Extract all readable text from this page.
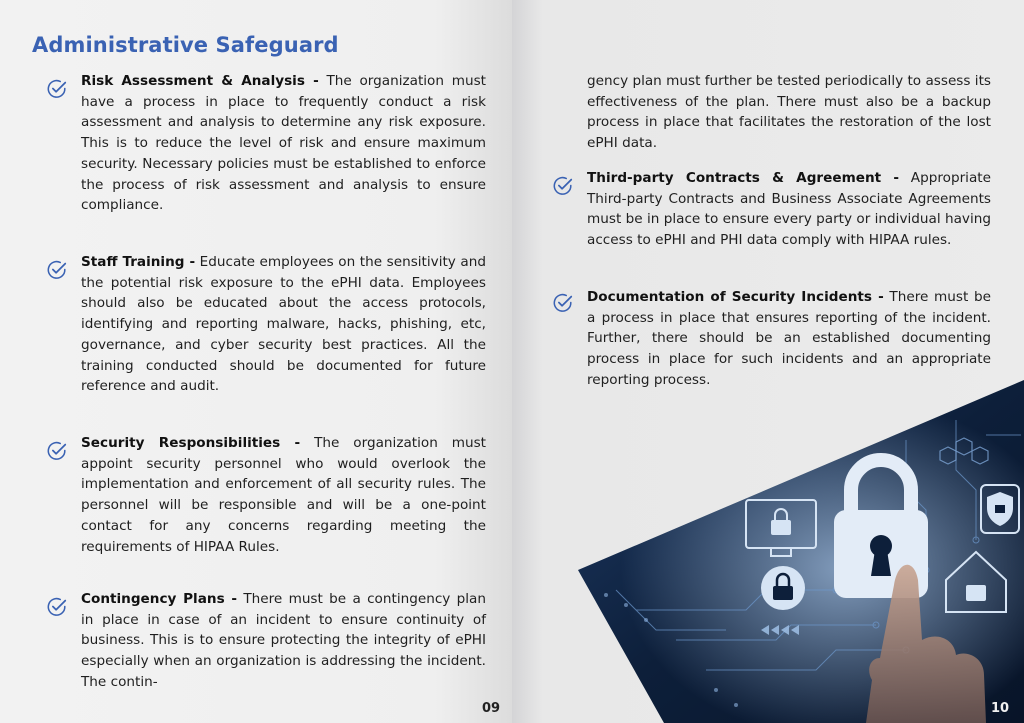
Administrative Safeguard

Risk Assessment & Analysis - The organization must have a process in place to frequently conduct a risk assessment and analysis to determine any risk exposure. This is to reduce the level of risk and ensure maximum security. Necessary policies must be established to enforce the process of risk assessment and analysis to ensure compliance.

Staff Training - Educate employees on the sensitivity and the potential risk exposure to the ePHI data. Employees should also be educated about the access protocols, identifying and reporting malware, hacks, phishing, etc, governance, and cyber security best practices. All the training conducted should be documented for future reference and audit.

Security Responsibilities - The organization must appoint security personnel who would overlook the implementation and enforcement of all security rules. The personnel will be responsible and will be a one-point contact for any concerns regarding meeting the requirements of HIPAA Rules.

Contingency Plans - There must be a contingency plan in place in case of an incident to ensure continuity of business. This is to ensure protecting the integrity of ePHI especially when an organization is addressing the incident. The contin-

09

gency plan must further be tested periodically to assess its effectiveness of the plan. There must also be a backup process in place that facilitates the restoration of the lost ePHI data.

Third-party Contracts & Agreement - Appropriate Third-party Contracts and Business Associate Agreements must be in place to ensure every party or individual having access to ePHI and PHI data comply with HIPAA rules.

Documentation of Security Incidents - There must be a process in place that ensures reporting of the incident. Further, there should be an established documenting process in place for such incidents and an appropriate reporting process.

10
